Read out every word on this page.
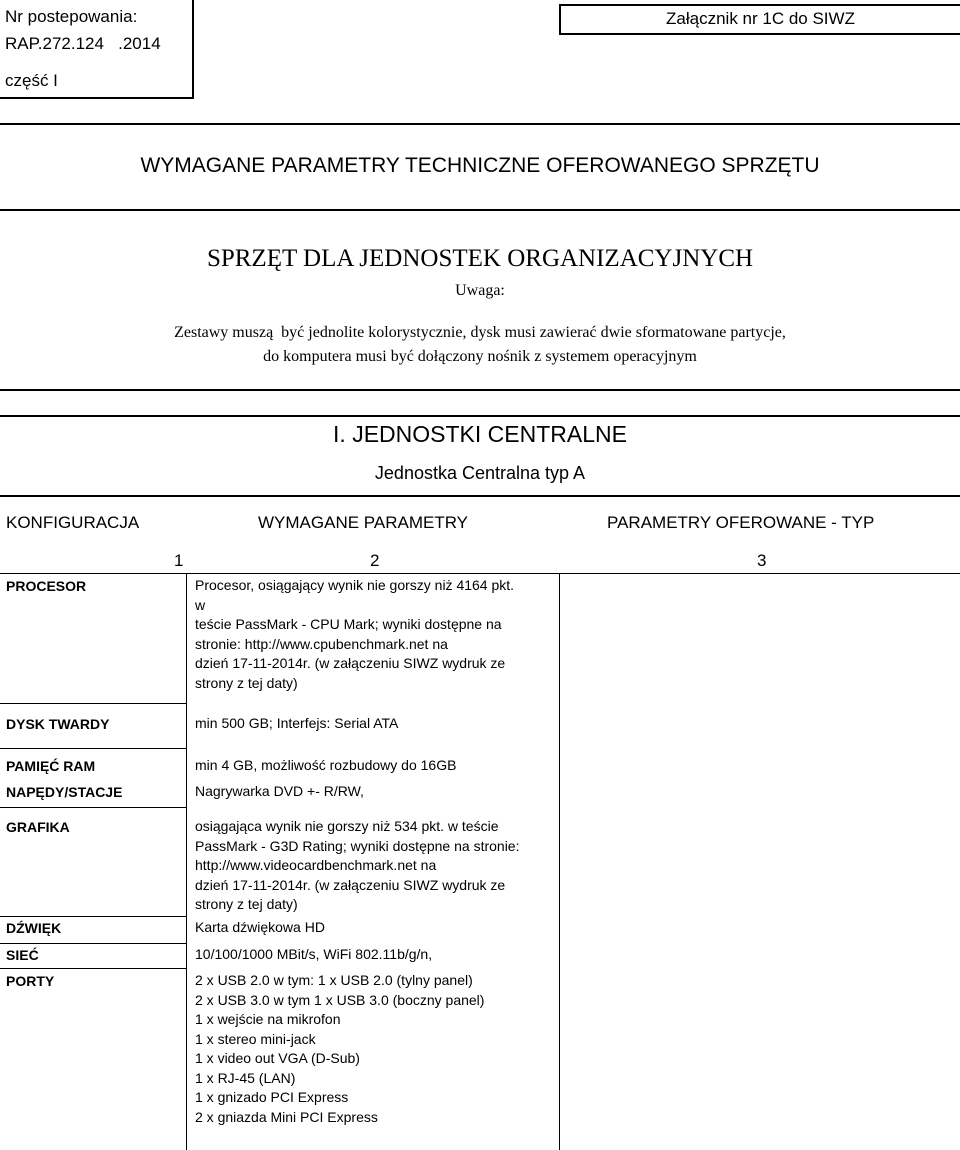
Nr postepowania:
RAP.272.124   .2014
część I
Załącznik nr 1C do SIWZ
WYMAGANE PARAMETRY TECHNICZNE OFEROWANEGO SPRZĘTU
SPRZĘT DLA JEDNOSTEK ORGANIZACYJNYCH
Uwaga:
Zestawy muszą  być jednolite kolorystycznie, dysk musi zawierać dwie sformatowane partycje,
do komputera musi być dołączony nośnik z systemem operacyjnym
I. JEDNOSTKI CENTRALNE
Jednostka Centralna typ A
KONFIGURACJA	WYMAGANE PARAMETRY	PARAMETRY OFEROWANE - TYP
1	2	3
PROCESOR	Procesor, osiągający wynik nie gorszy niż 4164 pkt.
w
teście PassMark - CPU Mark; wyniki dostępne na
stronie: http://www.cpubenchmark.net na
dzień 17-11-2014r. (w załączeniu SIWZ wydruk ze
strony z tej daty)
DYSK TWARDY	min 500 GB; Interfejs: Serial ATA
PAMIĘĆ RAM	min 4 GB, możliwość rozbudowy do 16GB
NAPĘDY/STACJE	Nagrywarka DVD +- R/RW,
GRAFIKA	osiągająca wynik nie gorszy niż 534 pkt. w teście
PassMark - G3D Rating; wyniki dostępne na stronie:
http://www.videocardbenchmark.net na
dzień 17-11-2014r. (w załączeniu SIWZ wydruk ze
strony z tej daty)
DŹWIĘK	Karta dźwiękowa HD
SIEĆ	10/100/1000 MBit/s, WiFi 802.11b/g/n,
PORTY	2 x USB 2.0 w tym: 1 x USB 2.0 (tylny panel)
2 x USB 3.0 w tym 1 x USB 3.0 (boczny panel)
1 x wejście na mikrofon
1 x stereo mini-jack
1 x video out VGA (D-Sub)
1 x RJ-45 (LAN)
1 x gnizado PCI Express
2 x gniazda Mini PCI Express
